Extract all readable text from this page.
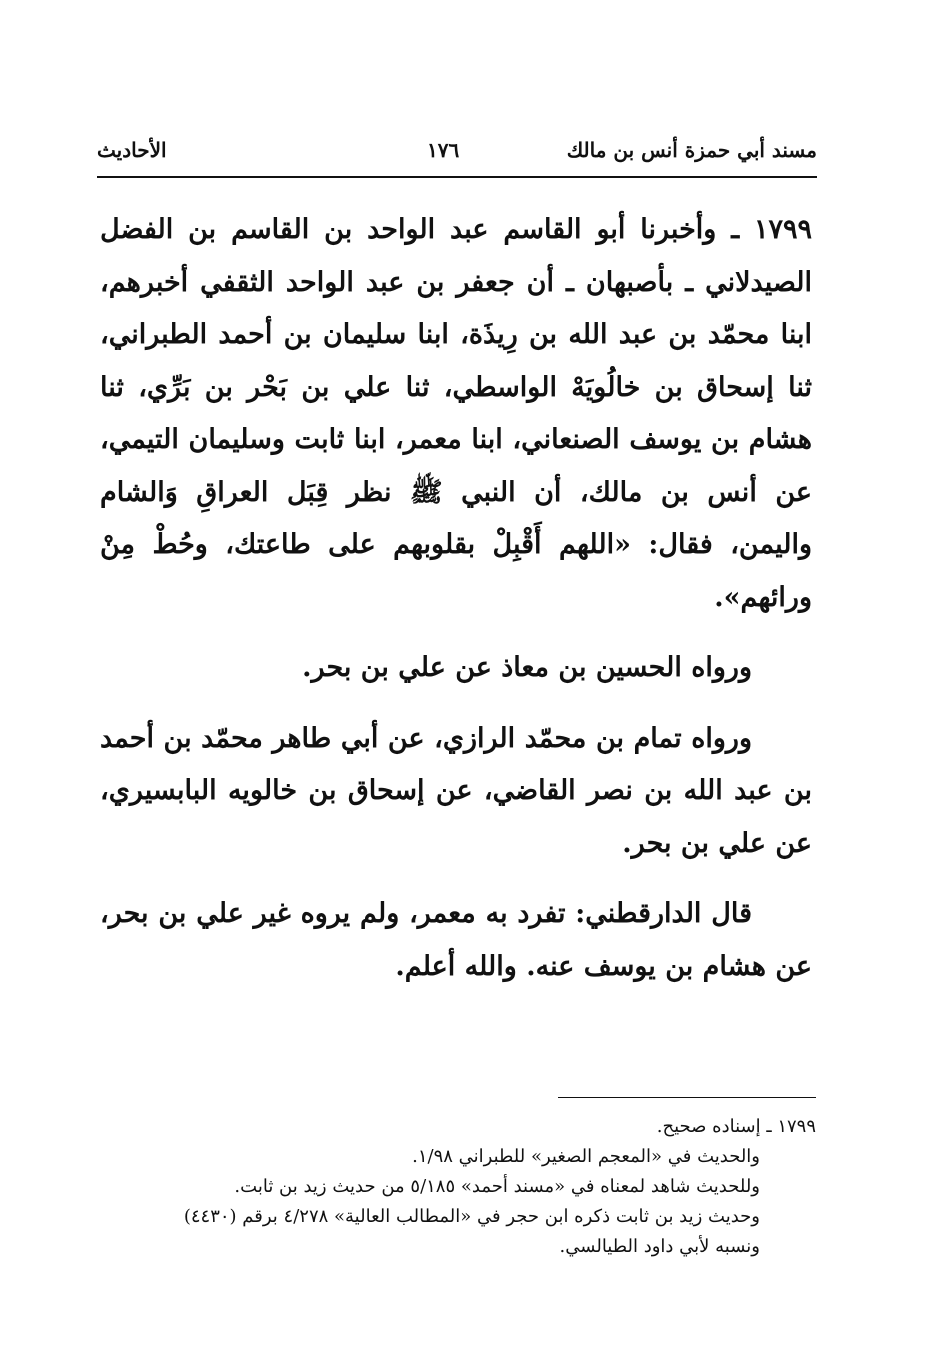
مسند أبي حمزة أنس بن مالك
١٧٦
الأحاديث

١٧٩٩ ـ وأخبرنا أبو القاسم عبد الواحد بن القاسم بن الفضل الصيدلاني ـ بأصبهان ـ أن جعفر بن عبد الواحد الثقفي أخبرهم، ابنا محمّد بن عبد الله بن رِيذَة، ابنا سليمان بن أحمد الطبراني، ثنا إسحاق بن خالُويَهْ الواسطي، ثنا علي بن بَحْر بن بَرِّي، ثنا هشام بن يوسف الصنعاني، ابنا معمر، ابنا ثابت وسليمان التيمي، عن أنس بن مالك، أن النبي ﷺ نظر قِبَل العراقِ وَالشام واليمن، فقال: «اللهم أَقْبِلْ بقلوبهم على طاعتك، وحُطْ مِنْ ورائهم».

ورواه الحسين بن معاذ عن علي بن بحر.

ورواه تمام بن محمّد الرازي، عن أبي طاهر محمّد بن أحمد بن عبد الله بن نصر القاضي، عن إسحاق بن خالويه البابسيري، عن علي بن بحر.

قال الدارقطني: تفرد به معمر، ولم يروه غير علي بن بحر، عن هشام بن يوسف عنه. والله أعلم.

١٧٩٩ ـ إسناده صحيح.

والحديث في «المعجم الصغير» للطبراني ١/٩٨.

وللحديث شاهد لمعناه في «مسند أحمد» ٥/١٨٥ من حديث زيد بن ثابت.

وحديث زيد بن ثابت ذكره ابن حجر في «المطالب العالية» ٤/٢٧٨ برقم (٤٤٣٠)

ونسبه لأبي داود الطيالسي.
